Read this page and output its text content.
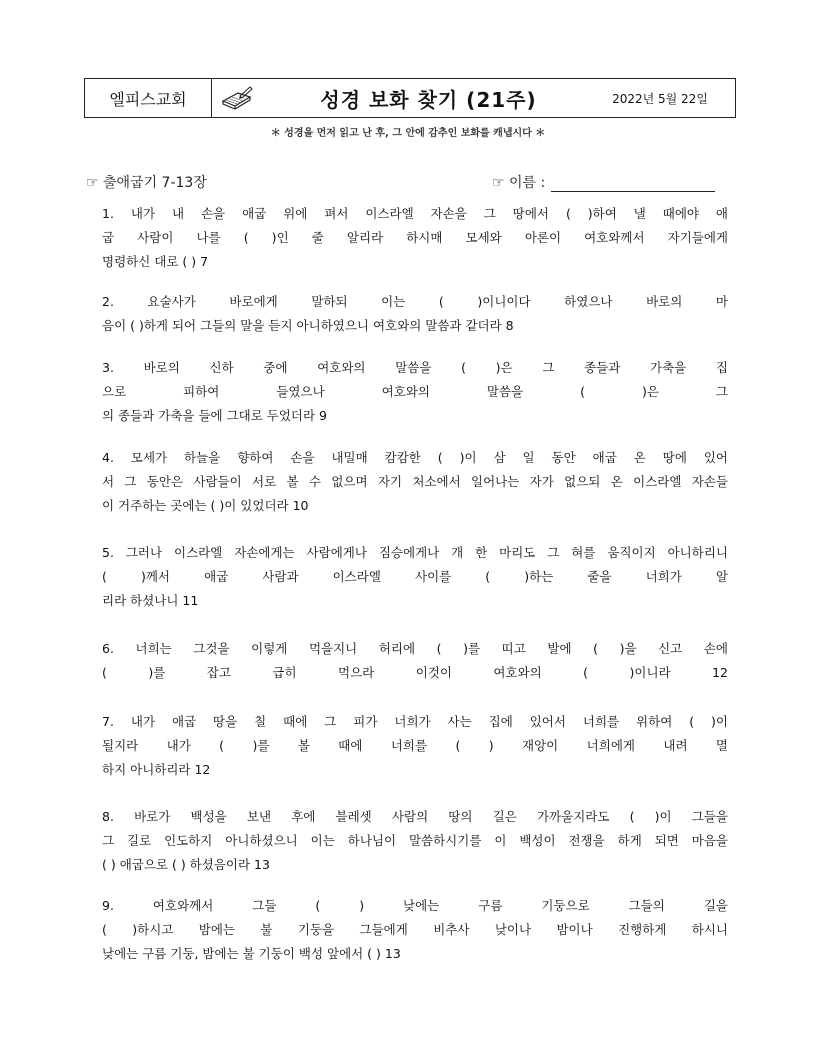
엘피스교회	성경 보화 찾기 (21주)	2022년 5월 22일
＊ 성경을 먼저 읽고 난 후, 그 안에 감추인 보화를 캐냅시다 ＊
☞ 출애굽기 7-13장	☞ 이름 :
1. 내가 내 손을 애굽 위에 펴서 이스라엘 자손을 그 땅에서 ( )하여 낼 때에야 애
굽 사람이 나를 ( )인 줄 알리라 하시매 모세와 아론이 여호와께서 자기들에게
명령하신 대로 ( ) 7
2. 요술사가 바로에게 말하되 이는 ( )이니이다 하였으나 바로의 마
음이 ( )하게 되어 그들의 말을 듣지 아니하였으니 여호와의 말씀과 같더라 8
3. 바로의 신하 중에 여호와의 말씀을 ( )은 그 종들과 가축을 집
으로 피하여 들였으나 여호와의 말씀을 ( )은 그
의 종들과 가축을 들에 그대로 두었더라 9
4. 모세가 하늘을 향하여 손을 내밀매 캄캄한 ( )이 삼 일 동안 애굽 온 땅에 있어
서 그 동안은 사람들이 서로 볼 수 없으며 자기 처소에서 일어나는 자가 없으되 온 이스라엘 자손들
이 거주하는 곳에는 ( )이 있었더라 10
5. 그러나 이스라엘 자손에게는 사람에게나 짐승에게나 개 한 마리도 그 혀를 움직이지 아니하리니
( )께서 애굽 사람과 이스라엘 사이를 ( )하는 줄을 너희가 알
리라 하셨나니 11
6. 너희는 그것을 이렇게 먹을지니 허리에 ( )를 띠고 발에 ( )을 신고 손에
( )를 잡고 급히 먹으라 이것이 여호와의 ( )이니라 12
7. 내가 애굽 땅을 칠 때에 그 피가 너희가 사는 집에 있어서 너희를 위하여 ( )이
될지라 내가 ( )를 볼 때에 너희를 ( ) 재앙이 너희에게 내려 멸
하지 아니하리라 12
8. 바로가 백성을 보낸 후에 블레셋 사람의 땅의 길은 가까울지라도 ( )이 그들을
그 길로 인도하지 아니하셨으니 이는 하나님이 말씀하시기를 이 백성이 전쟁을 하게 되면 마음을
( ) 애굽으로 ( ) 하셨음이라 13
9. 여호와께서 그들 ( ) 낮에는 구름 기둥으로 그들의 길을
( )하시고 밤에는 불 기둥을 그들에게 비추사 낮이나 밤이나 진행하게 하시니
낮에는 구름 기둥, 밤에는 불 기둥이 백성 앞에서 ( ) 13
